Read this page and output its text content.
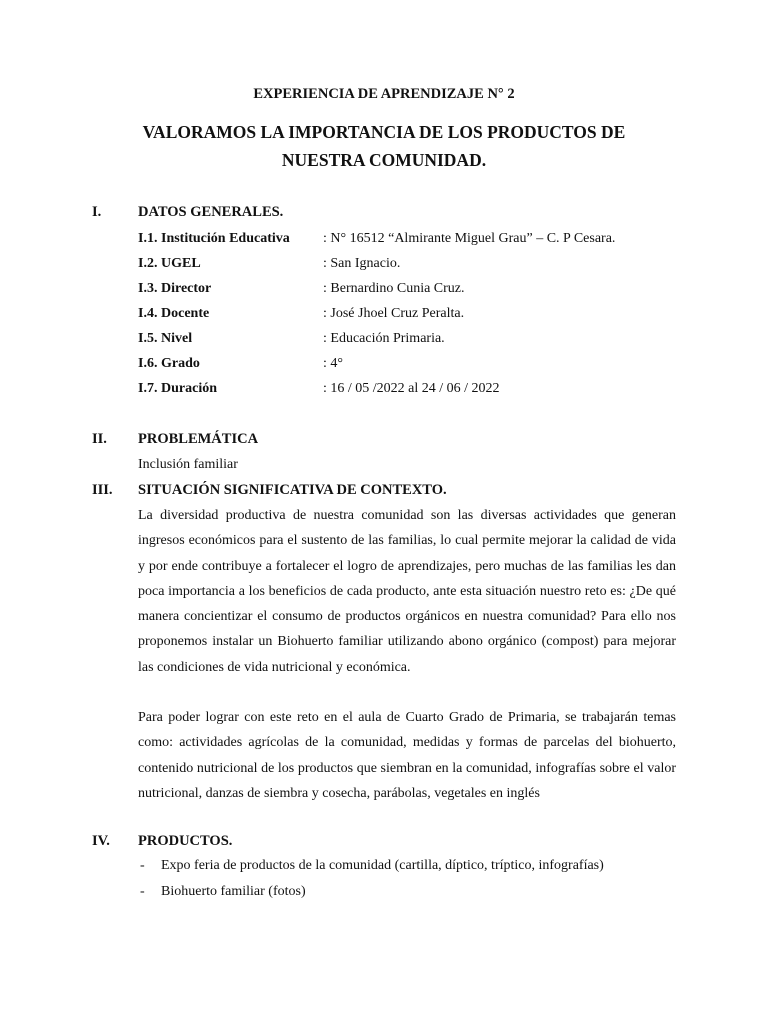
EXPERIENCIA DE APRENDIZAJE N° 2
VALORAMOS LA IMPORTANCIA DE LOS PRODUCTOS DE NUESTRA COMUNIDAD.
I.	DATOS GENERALES.
I.1. Institución Educativa : N° 16512 “Almirante Miguel Grau” – C. P Cesara.
I.2. UGEL	: San Ignacio.
I.3. Director	: Bernardino Cunia Cruz.
I.4. Docente	: José Jhoel Cruz Peralta.
I.5. Nivel	: Educación Primaria.
I.6. Grado	: 4°
I.7. Duración	: 16 / 05 /2022 al 24 / 06 / 2022
II. PROBLEMÁTICA
Inclusión familiar
III. SITUACIÓN SIGNIFICATIVA DE CONTEXTO.

La diversidad productiva de nuestra comunidad son las diversas actividades que generan ingresos económicos para el sustento de las familias, lo cual permite mejorar la calidad de vida y por ende contribuye a fortalecer el logro de aprendizajes, pero muchas de las familias les dan poca importancia a los beneficios de cada producto, ante esta situación nuestro reto es: ¿De qué manera concientizar el consumo de productos orgánicos en nuestra comunidad? Para ello nos proponemos instalar un Biohuerto familiar utilizando abono orgánico (compost) para mejorar las condiciones de vida nutricional y económica.

Para poder lograr con este reto en el aula de Cuarto Grado de Primaria, se trabajarán temas como: actividades agrícolas de la comunidad, medidas y formas de parcelas del biohuerto, contenido nutricional de los productos que siembran en la comunidad, infografías sobre el valor nutricional, danzas de siembra y cosecha, parábolas, vegetales en inglés

IV. PRODUCTOS.
- Expo feria de productos de la comunidad (cartilla, díptico, tríptico, infografías)
- Biohuerto familiar (fotos)
